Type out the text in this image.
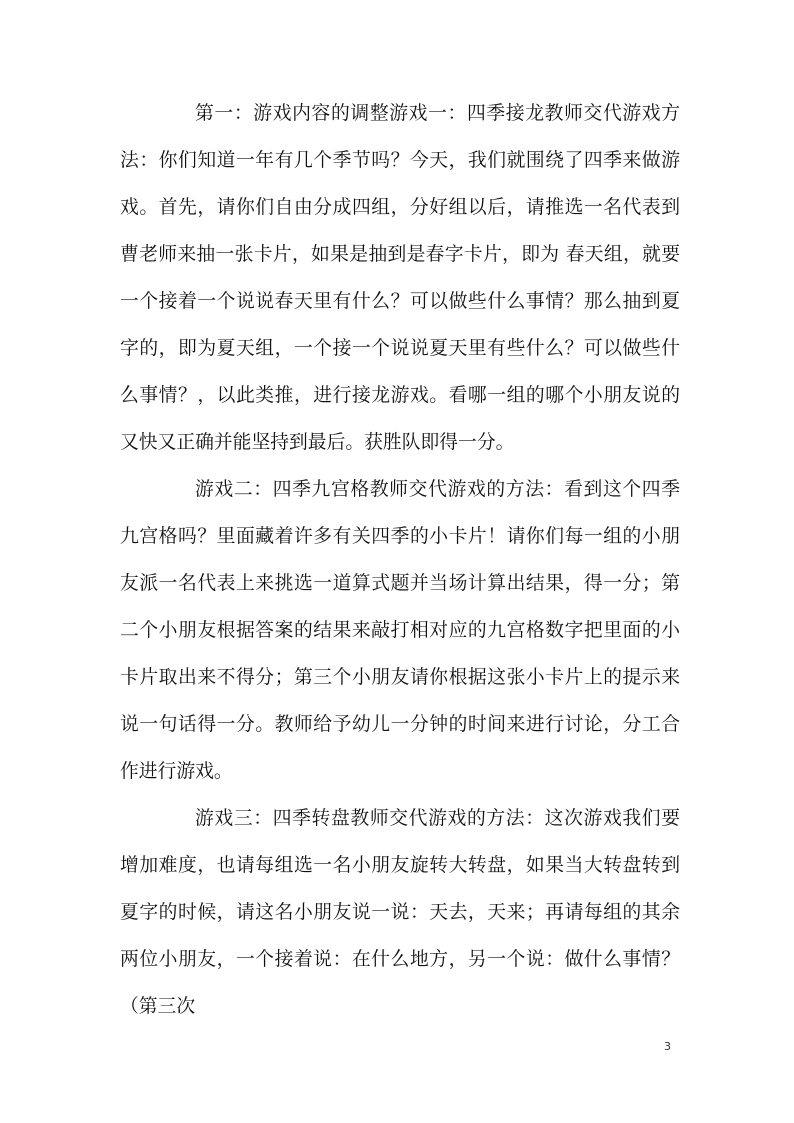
第一：游戏内容的调整游戏一：四季接龙教师交代游戏方法：你们知道一年有几个季节吗？今天，我们就围绕了四季来做游戏。首先，请你们自由分成四组，分好组以后，请推选一名代表到曹老师来抽一张卡片，如果是抽到是春字卡片，即为 春天组，就要一个接着一个说说春天里有什么？可以做些什么事情？那么抽到夏字的，即为夏天组，一个接一个说说夏天里有些什么？可以做些什么事情？，以此类推，进行接龙游戏。看哪一组的哪个小朋友说的又快又正确并能坚持到最后。获胜队即得一分。

游戏二：四季九宫格教师交代游戏的方法：看到这个四季九宫格吗？里面藏着许多有关四季的小卡片！请你们每一组的小朋友派一名代表上来挑选一道算式题并当场计算出结果，得一分；第二个小朋友根据答案的结果来敲打相对应的九宫格数字把里面的小卡片取出来不得分；第三个小朋友请你根据这张小卡片上的提示来说一句话得一分。教师给予幼儿一分钟的时间来进行讨论，分工合作进行游戏。

游戏三：四季转盘教师交代游戏的方法：这次游戏我们要增加难度，也请每组选一名小朋友旋转大转盘，如果当大转盘转到夏字的时候，请这名小朋友说一说：天去，天来；再请每组的其余两位小朋友，一个接着说：在什么地方，另一个说：做什么事情？（第三次

3
